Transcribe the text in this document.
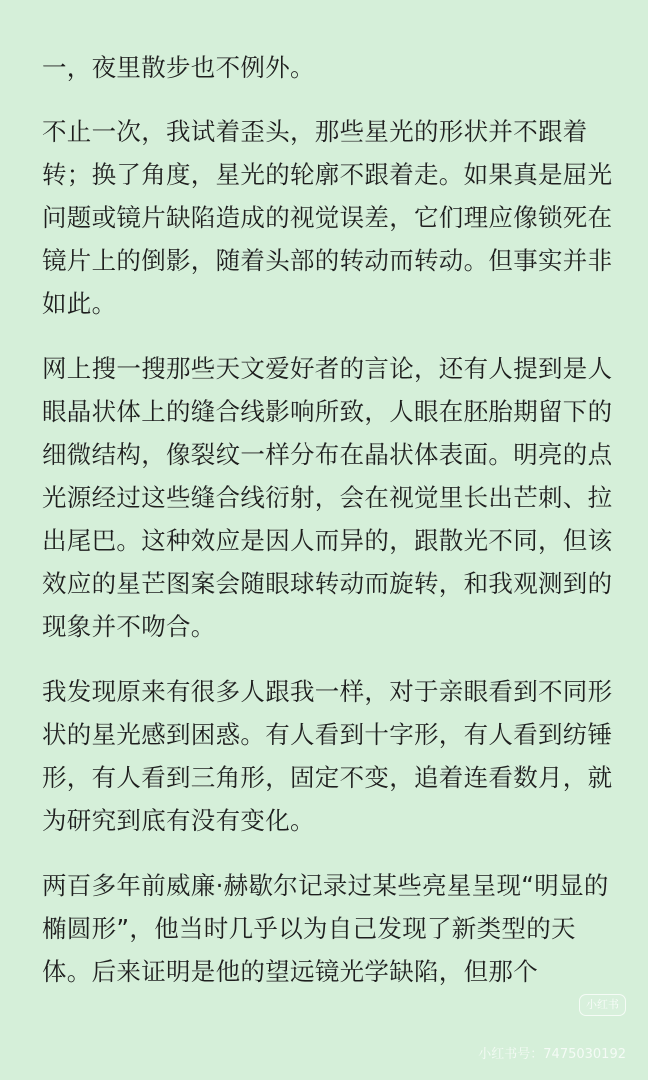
一，夜里散步也不例外。

不止一次，我试着歪头，那些星光的形状并不跟着转；换了角度，星光的轮廓不跟着走。如果真是屈光问题或镜片缺陷造成的视觉误差，它们理应像锁死在镜片上的倒影，随着头部的转动而转动。但事实并非如此。

网上搜一搜那些天文爱好者的言论，还有人提到是人眼晶状体上的缝合线影响所致，人眼在胚胎期留下的细微结构，像裂纹一样分布在晶状体表面。明亮的点光源经过这些缝合线衍射，会在视觉里长出芒刺、拉出尾巴。这种效应是因人而异的，跟散光不同，但该效应的星芒图案会随眼球转动而旋转，和我观测到的现象并不吻合。

我发现原来有很多人跟我一样，对于亲眼看到不同形状的星光感到困惑。有人看到十字形，有人看到纺锤形，有人看到三角形，固定不变，追着连看数月，就为研究到底有没有变化。

两百多年前威廉·赫歇尔记录过某些亮星呈现“明显的椭圆形”，他当时几乎以为自己发现了新类型的天体。后来证明是他的望远镜光学缺陷，但那个

小红书
小红书号：7475030192
